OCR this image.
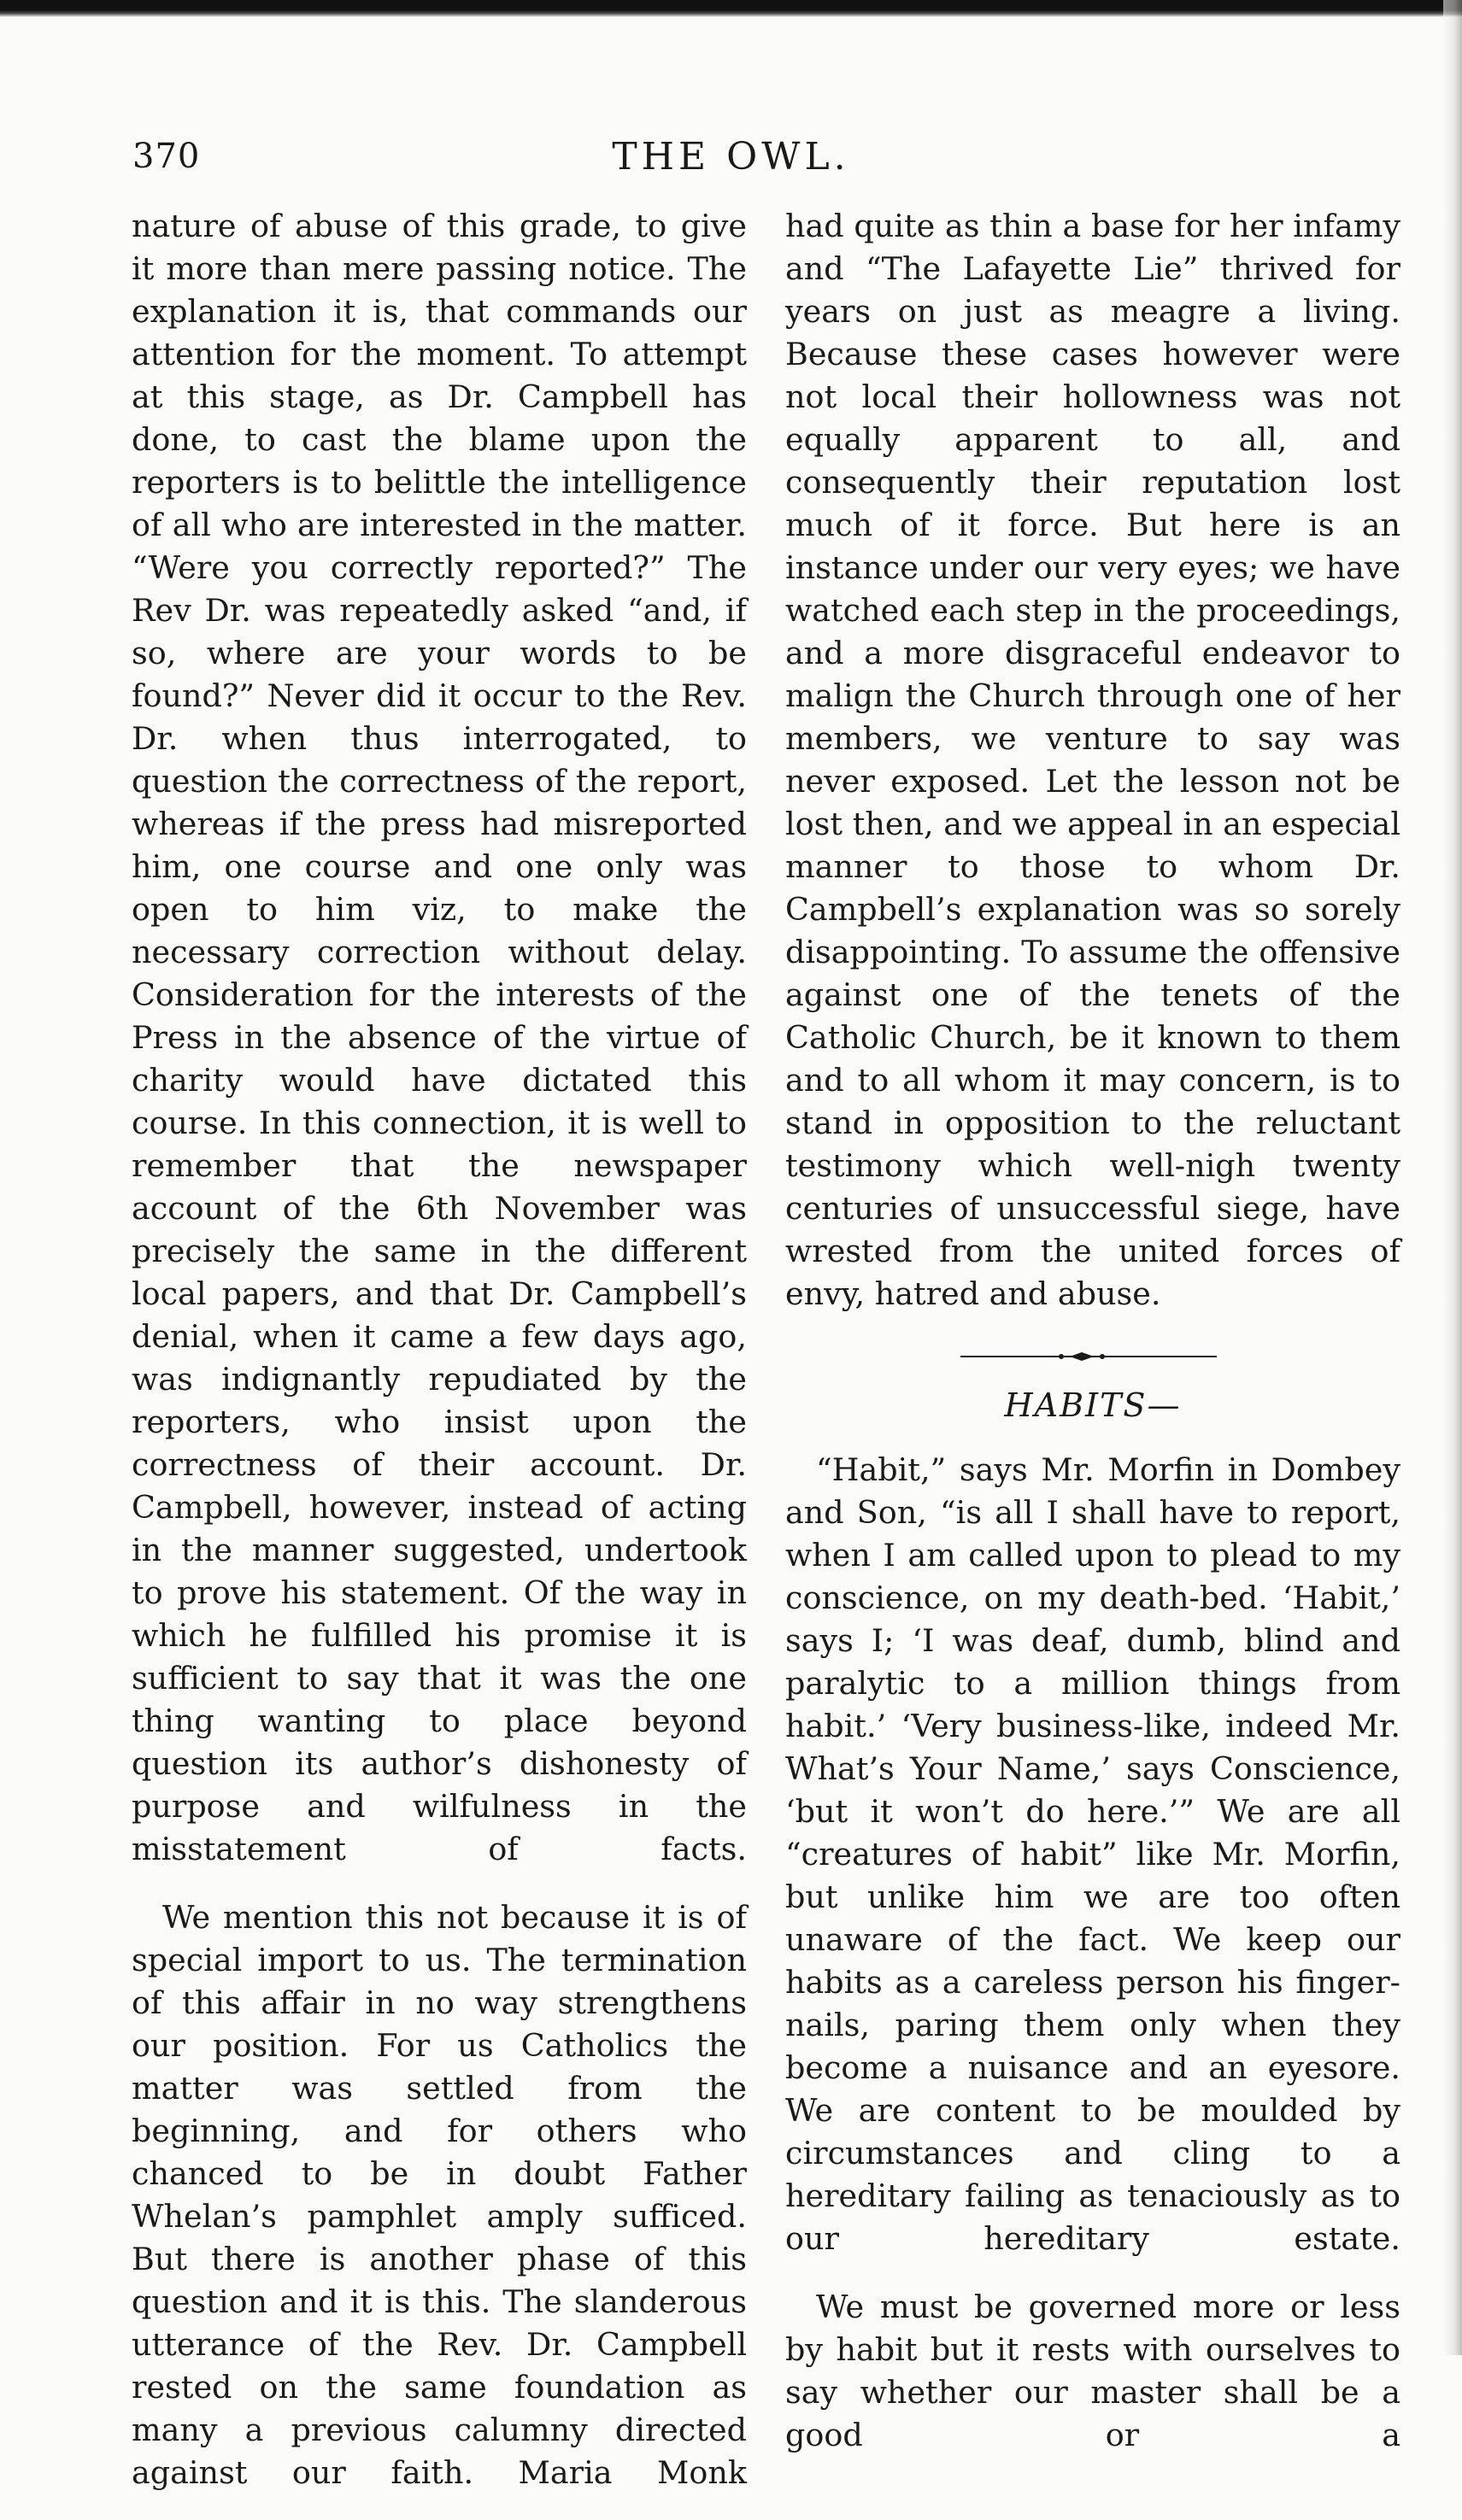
370	THE OWL.

nature of abuse of this grade, to give it more than mere passing notice. The explanation it is, that commands our attention for the moment. To attempt at this stage, as Dr. Campbell has done, to cast the blame upon the reporters is to belittle the intelligence of all who are interested in the matter. “Were you correctly reported?” The Rev Dr. was repeatedly asked “and, if so, where are your words to be found?” Never did it occur to the Rev. Dr. when thus interrogated, to question the correctness of the report, whereas if the press had misreported him, one course and one only was open to him viz, to make the necessary correction without delay. Consideration for the interests of the Press in the absence of the virtue of charity would have dictated this course. In this connection, it is well to remember that the newspaper account of the 6th November was precisely the same in the different local papers, and that Dr. Campbell’s denial, when it came a few days ago, was indignantly repudiated by the reporters, who insist upon the correctness of their account. Dr. Campbell, however, instead of acting in the manner suggested, undertook to prove his statement. Of the way in which he fulfilled his promise it is sufficient to say that it was the one thing wanting to place beyond question its author’s dishonesty of purpose and wilfulness in the misstatement of facts.

We mention this not because it is of special import to us. The termination of this affair in no way strengthens our position. For us Catholics the matter was settled from the beginning, and for others who chanced to be in doubt Father Whelan’s pamphlet amply sufficed. But there is another phase of this question and it is this. The slanderous utterance of the Rev. Dr. Campbell rested on the same foundation as many a previous calumny directed against our faith. Maria Monk

had quite as thin a base for her infamy and “The Lafayette Lie” thrived for years on just as meagre a living. Because these cases however were not local their hollowness was not equally apparent to all, and consequently their reputation lost much of it force. But here is an instance under our very eyes; we have watched each step in the proceedings, and a more disgraceful endeavor to malign the Church through one of her members, we venture to say was never exposed. Let the lesson not be lost then, and we appeal in an especial manner to those to whom Dr. Campbell’s explanation was so sorely disappointing. To assume the offensive against one of the tenets of the Catholic Church, be it known to them and to all whom it may concern, is to stand in opposition to the reluctant testimony which well-nigh twenty centuries of unsuccessful siege, have wrested from the united forces of envy, hatred and abuse.

HABITS—

“Habit,” says Mr. Morfin in Dombey and Son, “is all I shall have to report, when I am called upon to plead to my conscience, on my death-bed. ‘Habit,’ says I; ‘I was deaf, dumb, blind and paralytic to a million things from habit.’ ‘Very business-like, indeed Mr. What’s Your Name,’ says Conscience, ‘but it won’t do here.’” We are all “creatures of habit” like Mr. Morfin, but unlike him we are too often unaware of the fact. We keep our habits as a careless person his finger-nails, paring them only when they become a nuisance and an eyesore. We are content to be moulded by circumstances and cling to a hereditary failing as tenaciously as to our hereditary estate.

We must be governed more or less by habit but it rests with ourselves to say whether our master shall be a good or a
